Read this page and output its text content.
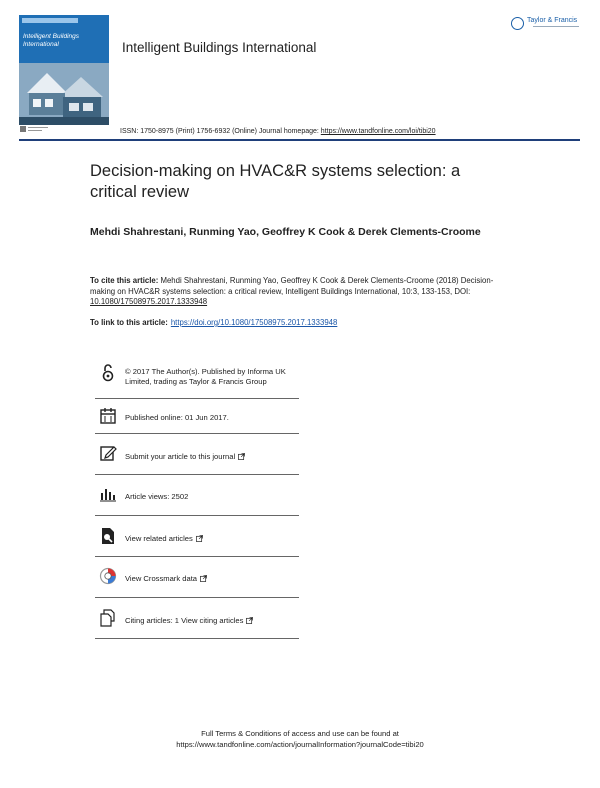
Intelligent Buildings International	Intelligent Buildings International
Taylor & Francis
ISSN: 1750-8975 (Print) 1756-6932 (Online) Journal homepage: https://www.tandfonline.com/loi/tibi20
Decision-making on HVAC&R systems selection: a critical review
Mehdi Shahrestani, Runming Yao, Geoffrey K Cook & Derek Clements-Croome
To cite this article: Mehdi Shahrestani, Runming Yao, Geoffrey K Cook & Derek Clements-Croome (2018) Decision-making on HVAC&R systems selection: a critical review, Intelligent Buildings International, 10:3, 133-153, DOI: 10.1080/17508975.2017.1333948
To link to this article: https://doi.org/10.1080/17508975.2017.1333948
© 2017 The Author(s). Published by Informa UK Limited, trading as Taylor & Francis Group
Published online: 01 Jun 2017.
Submit your article to this journal
Article views: 2502
View related articles
View Crossmark data
Citing articles: 1 View citing articles
Full Terms & Conditions of access and use can be found at
https://www.tandfonline.com/action/journalInformation?journalCode=tibi20
